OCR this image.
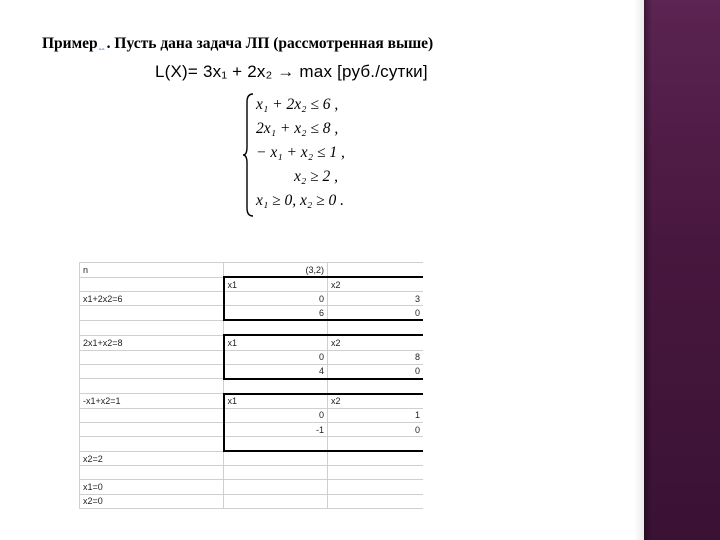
Примерꞈꞈ . Пусть дана задача ЛП (рассмотренная выше)
L(X)= 3x₁ + 2x₂ → max [руб./сутки]
x₁ + 2x₂ ≤ 6 ,
2x₁ + x₂ ≤ 8 ,
− x₁ + x₂ ≤ 1 ,
x₂ ≥ 2 ,
x₁ ≥ 0, x₂ ≥ 0 .
n	(3,2)		
	x1	x2	
x1+2x2=6	0	3	
	6	0	

2x1+x2=8	x1	x2	
	0	8	
	4	0	

-x1+x2=1	x1	x2	
	0	1	
	-1	0	

x2=2			

x1=0			
x2=0			
